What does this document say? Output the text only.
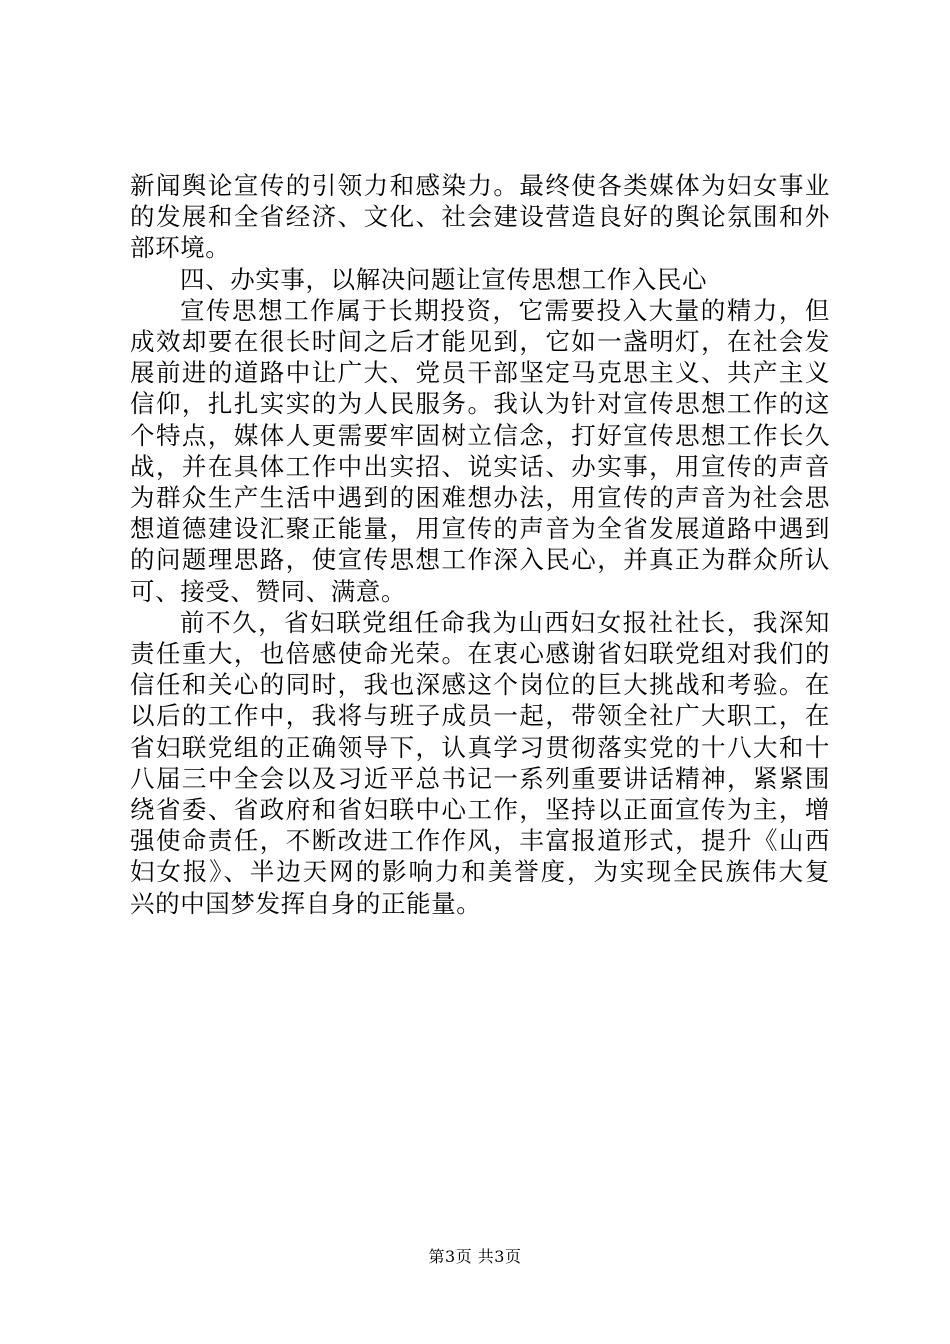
新闻舆论宣传的引领力和感染力。最终使各类媒体为妇女事业
的发展和全省经济、文化、社会建设营造良好的舆论氛围和外
部环境。
四、办实事，以解决问题让宣传思想工作入民心
宣传思想工作属于长期投资，它需要投入大量的精力，但
成效却要在很长时间之后才能见到，它如一盏明灯，在社会发
展前进的道路中让广大、党员干部坚定马克思主义、共产主义
信仰，扎扎实实的为人民服务。我认为针对宣传思想工作的这
个特点，媒体人更需要牢固树立信念，打好宣传思想工作长久
战，并在具体工作中出实招、说实话、办实事，用宣传的声音
为群众生产生活中遇到的困难想办法，用宣传的声音为社会思
想道德建设汇聚正能量，用宣传的声音为全省发展道路中遇到
的问题理思路，使宣传思想工作深入民心，并真正为群众所认
可、接受、赞同、满意。
前不久，省妇联党组任命我为山西妇女报社社长，我深知
责任重大，也倍感使命光荣。在衷心感谢省妇联党组对我们的
信任和关心的同时，我也深感这个岗位的巨大挑战和考验。在
以后的工作中，我将与班子成员一起，带领全社广大职工，在
省妇联党组的正确领导下，认真学习贯彻落实党的十八大和十
八届三中全会以及习近平总书记一系列重要讲话精神，紧紧围
绕省委、省政府和省妇联中心工作，坚持以正面宣传为主，增
强使命责任，不断改进工作作风，丰富报道形式，提升《山西
妇女报》、半边天网的影响力和美誉度，为实现全民族伟大复
兴的中国梦发挥自身的正能量。
第3页 共3页
